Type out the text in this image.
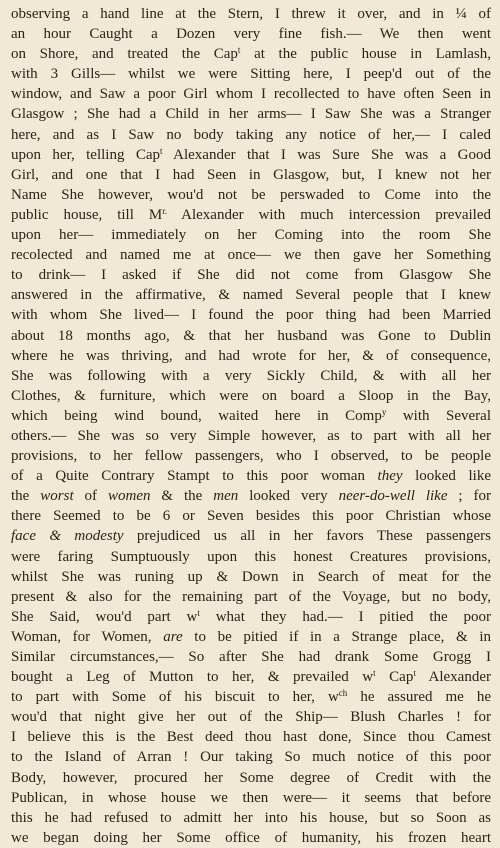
observing a hand line at the Stern, I threw it over, and in ¼ of
an hour Caught a Dozen very fine fish.— We then went
on Shore, and treated the Cap$^t$ at the public house in Lamlash,
with 3 Gills— whilst we were Sitting here, I peep'd out of the
window, and Saw a poor Girl whom I recollected to have often Seen in
Glasgow ; She had a Child in her arms— I Saw She was a Stranger
here, and as I Saw no body taking any notice of her,— I caled
upon her, telling Cap$^t$ Alexander that I was Sure She was a Good
Girl, and one that I had Seen in Glasgow, but, I knew not her
Name She however, wou'd not be perswaded to Come into the
public house, till $M^{r.}$ Alexander with much intercession prevailed
upon her— immediately on her Coming into the room She
recolected and named me at once— we then gave her Something
to drink— I asked if She did not come from Glasgow She
answered in the affirmative, & named Several people that I knew
with whom She lived— I found the poor thing had been Married
about 18 months ago, & that her husband was Gone to Dublin
where he was thriving, and had wrote for her, & of consequence,
She was following with a very Sickly Child, & with all her
Clothes, & furniture, which were on board a Sloop in the Bay,
which being wind bound, waited here in Comp$^y$ with Several
others.— She was so very Simple however, as to part with all her
provisions, to her fellow passengers, who I observed, to be people
of a Quite Contrary Stampt to this poor woman they looked like
the worst of women & the men looked very neer-do-well like ; for
there Seemed to be 6 or Seven besides this poor Christian whose
face & modesty prejudiced us all in her favors These passengers
were faring Sumptuously upon this honest Creatures provisions,
whilst She was runing up & Down in Search of meat for the
present & also for the remaining part of the Voyage, but no body,
She Said, wou'd part $w^t$ what they had.— I pitied the poor
Woman, for Women, are to be pitied if in a Strange place, & in
Similar circumstances,— So after She had drank Some Grogg I
bought a Leg of Mutton to her, & prevailed $w^t$ Cap$^t$ Alexander
to part with Some of his biscuit to her, $w^{ch}$ he assured me he
wou'd that night give her out of the Ship— Blush Charles ! for
I believe this is the Best deed thou hast done, Since thou Camest
to the Island of Arran ! Our taking So much notice of this poor
Body, however, procured her Some degree of Credit with the
Publican, in whose house we then were— it seems that before
this he had refused to admitt her into his house, but so Soon as
we began doing her Some office of humanity, his frozen heart
